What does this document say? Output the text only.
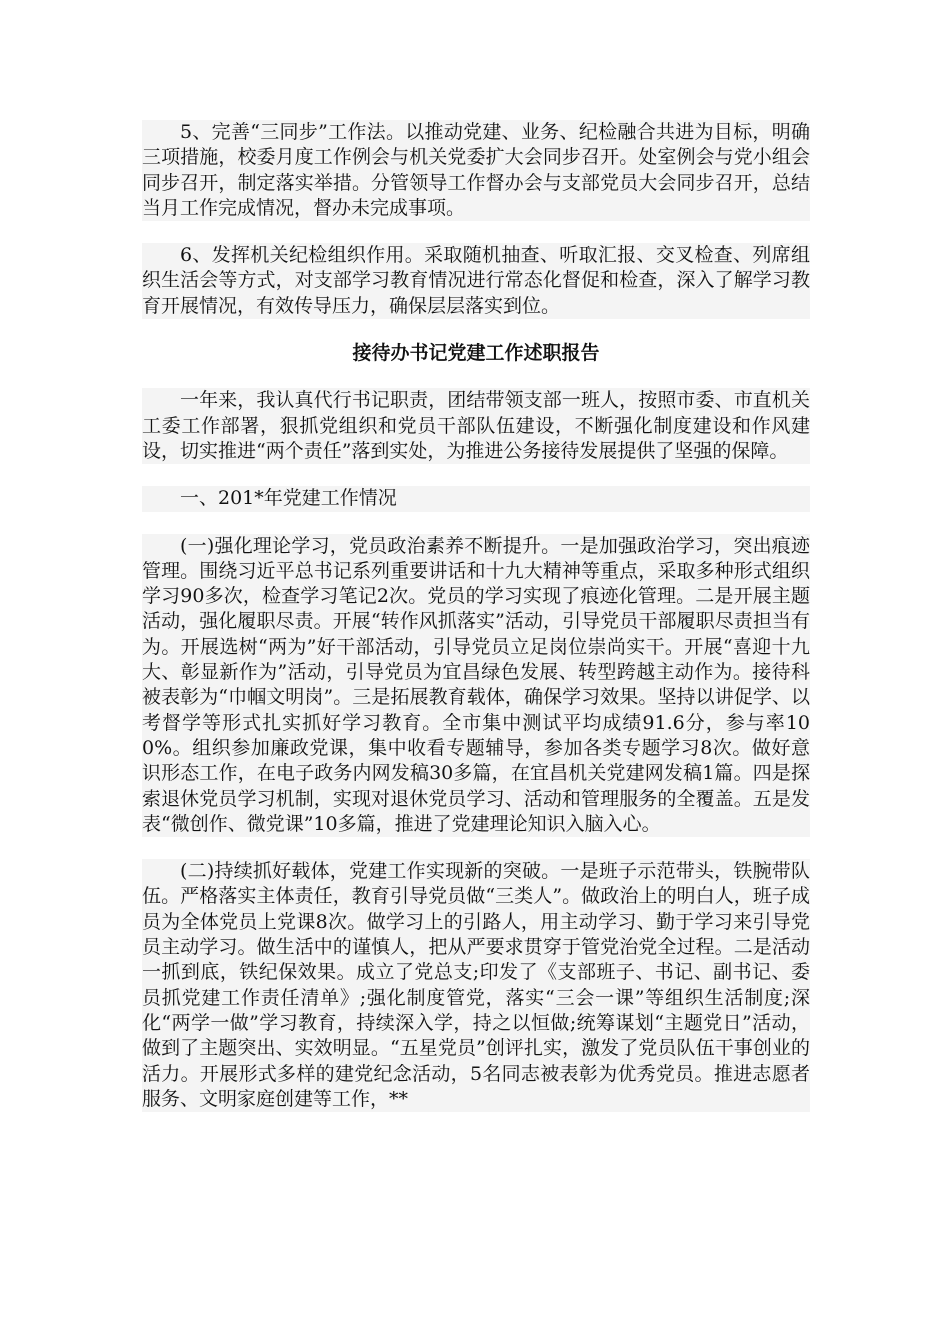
5、完善“三同步”工作法。以推动党建、业务、纪检融合共进为目标，明确三项措施，校委月度工作例会与机关党委扩大会同步召开。处室例会与党小组会同步召开，制定落实举措。分管领导工作督办会与支部党员大会同步召开，总结当月工作完成情况，督办未完成事项。

6、发挥机关纪检组织作用。采取随机抽查、听取汇报、交叉检查、列席组织生活会等方式，对支部学习教育情况进行常态化督促和检查，深入了解学习教育开展情况，有效传导压力，确保层层落实到位。

接待办书记党建工作述职报告

一年来，我认真代行书记职责，团结带领支部一班人，按照市委、市直机关工委工作部署，狠抓党组织和党员干部队伍建设，不断强化制度建设和作风建设，切实推进“两个责任”落到实处，为推进公务接待发展提供了坚强的保障。

一、201*年党建工作情况

(一)强化理论学习，党员政治素养不断提升。一是加强政治学习，突出痕迹管理。围绕习近平总书记系列重要讲话和十九大精神等重点，采取多种形式组织学习90多次，检查学习笔记2次。党员的学习实现了痕迹化管理。二是开展主题活动，强化履职尽责。开展“转作风抓落实”活动，引导党员干部履职尽责担当有为。开展选树“两为”好干部活动，引导党员立足岗位崇尚实干。开展“喜迎十九大、彰显新作为”活动，引导党员为宜昌绿色发展、转型跨越主动作为。接待科被表彰为“巾帼文明岗”。三是拓展教育载体，确保学习效果。坚持以讲促学、以考督学等形式扎实抓好学习教育。全市集中测试平均成绩91.6分，参与率100%。组织参加廉政党课，集中收看专题辅导，参加各类专题学习8次。做好意识形态工作，在电子政务内网发稿30多篇，在宜昌机关党建网发稿1篇。四是探索退休党员学习机制，实现对退休党员学习、活动和管理服务的全覆盖。五是发表“微创作、微党课”10多篇，推进了党建理论知识入脑入心。

(二)持续抓好载体，党建工作实现新的突破。一是班子示范带头，铁腕带队伍。严格落实主体责任，教育引导党员做“三类人”。做政治上的明白人，班子成员为全体党员上党课8次。做学习上的引路人，用主动学习、勤于学习来引导党员主动学习。做生活中的谨慎人，把从严要求贯穿于管党治党全过程。二是活动一抓到底，铁纪保效果。成立了党总支;印发了《支部班子、书记、副书记、委员抓党建工作责任清单》;强化制度管党，落实“三会一课”等组织生活制度;深化“两学一做”学习教育，持续深入学，持之以恒做;统筹谋划“主题党日”活动，做到了主题突出、实效明显。“五星党员”创评扎实，激发了党员队伍干事创业的活力。开展形式多样的建党纪念活动，5名同志被表彰为优秀党员。推进志愿者服务、文明家庭创建等工作，**
